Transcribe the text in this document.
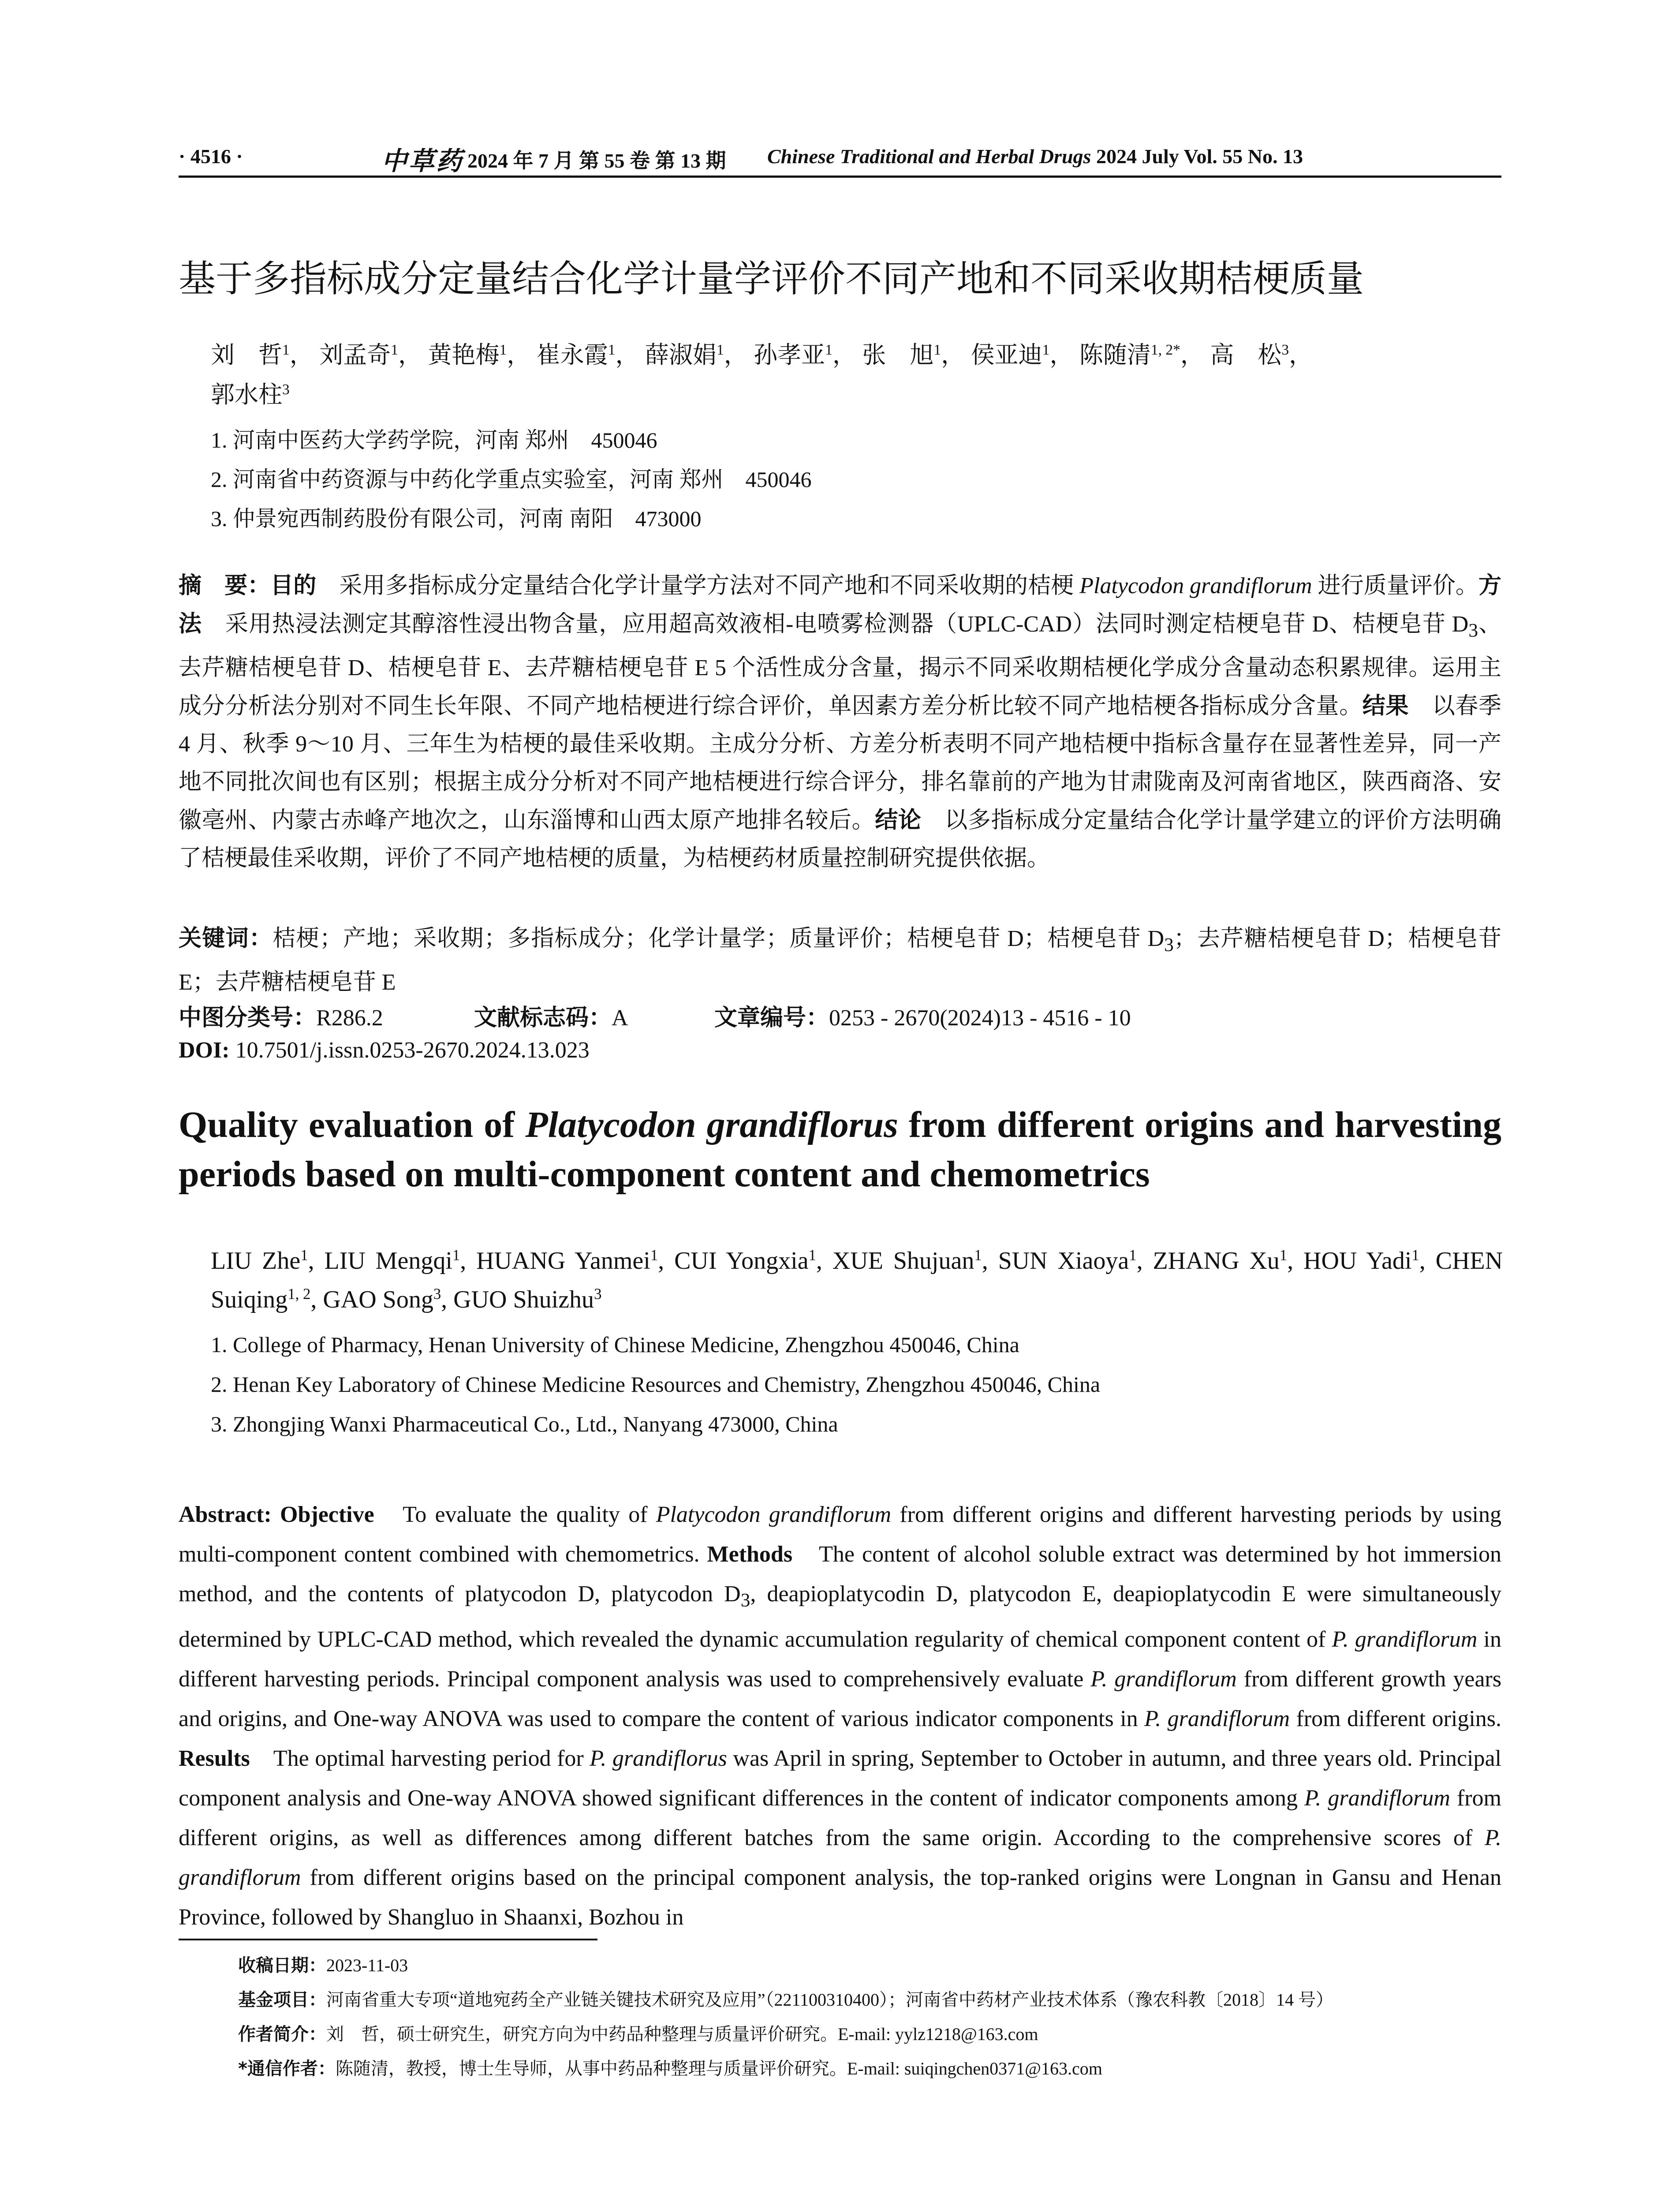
· 4516 ·	中草药 2024 年 7 月 第 55 卷 第 13 期 Chinese Traditional and Herbal Drugs 2024 July Vol. 55 No. 13
基于多指标成分定量结合化学计量学评价不同产地和不同采收期桔梗质量
刘　哲$^1$， 刘孟奇$^1$， 黄艳梅$^1$， 崔永霞$^1$， 薛淑娟$^1$， 孙孝亚$^1$， 张　旭$^1$， 侯亚迪$^1$， 陈随清$^{1, 2*}$， 高　松$^3$，
郭水柱$^3$
1. 河南中医药大学药学院，河南 郑州　450046
2. 河南省中药资源与中药化学重点实验室，河南 郑州　450046
3. 仲景宛西制药股份有限公司，河南 南阳　473000
摘　要：目的　采用多指标成分定量结合化学计量学方法对不同产地和不同采收期的桔梗 Platycodon grandiflorum 进行质量评价。方法　采用热浸法测定其醇溶性浸出物含量，应用超高效液相-电喷雾检测器（UPLC-CAD）法同时测定桔梗皂苷 D、桔梗皂苷 $D_3$、去芹糖桔梗皂苷 D、桔梗皂苷 E、去芹糖桔梗皂苷 E 5 个活性成分含量，揭示不同采收期桔梗化学成分含量动态积累规律。运用主成分分析法分别对不同生长年限、不同产地桔梗进行综合评价，单因素方差分析比较不同产地桔梗各指标成分含量。结果　以春季 4 月、秋季 9～10 月、三年生为桔梗的最佳采收期。主成分分析、方差分析表明不同产地桔梗中指标含量存在显著性差异，同一产地不同批次间也有区别；根据主成分分析对不同产地桔梗进行综合评分，排名靠前的产地为甘肃陇南及河南省地区，陕西商洛、安徽亳州、内蒙古赤峰产地次之，山东淄博和山西太原产地排名较后。结论　以多指标成分定量结合化学计量学建立的评价方法明确了桔梗最佳采收期，评价了不同产地桔梗的质量，为桔梗药材质量控制研究提供依据。
关键词：桔梗；产地；采收期；多指标成分；化学计量学；质量评价；桔梗皂苷 D；桔梗皂苷 $D_3$；去芹糖桔梗皂苷 D；桔梗皂苷 E；去芹糖桔梗皂苷 E
中图分类号：R286.2	文献标志码：A	文章编号：0253 - 2670(2024)13 - 4516 - 10
DOI: 10.7501/j.issn.0253-2670.2024.13.023
Quality evaluation of Platycodon grandiflorus from different origins and harvesting periods based on multi-component content and chemometrics
LIU Zhe$^1$, LIU Mengqi$^1$, HUANG Yanmei$^1$, CUI Yongxia$^1$, XUE Shujuan$^1$, SUN Xiaoya$^1$, ZHANG Xu$^1$, HOU Yadi$^1$, CHEN Suiqing$^{1, 2}$, GAO Song$^3$, GUO Shuizhu$^3$
1. College of Pharmacy, Henan University of Chinese Medicine, Zhengzhou 450046, China
2. Henan Key Laboratory of Chinese Medicine Resources and Chemistry, Zhengzhou 450046, China
3. Zhongjing Wanxi Pharmaceutical Co., Ltd., Nanyang 473000, China
Abstract: Objective　To evaluate the quality of Platycodon grandiflorum from different origins and different harvesting periods by using multi-component content combined with chemometrics. Methods　The content of alcohol soluble extract was determined by hot immersion method, and the contents of platycodon D, platycodon $D_3$, deapioplatycodin D, platycodon E, deapioplatycodin E were simultaneously determined by UPLC-CAD method, which revealed the dynamic accumulation regularity of chemical component content of P. grandiflorum in different harvesting periods. Principal component analysis was used to comprehensively evaluate P. grandiflorum from different growth years and origins, and One-way ANOVA was used to compare the content of various indicator components in P. grandiflorum from different origins. Results　The optimal harvesting period for P. grandiflorus was April in spring, September to October in autumn, and three years old. Principal component analysis and One-way ANOVA showed significant differences in the content of indicator components among P. grandiflorum from different origins, as well as differences among different batches from the same origin. According to the comprehensive scores of P. grandiflorum from different origins based on the principal component analysis, the top-ranked origins were Longnan in Gansu and Henan Province, followed by Shangluo in Shaanxi, Bozhou in
收稿日期：2023-11-03
基金项目：河南省重大专项“道地宛药全产业链关键技术研究及应用”（221100310400）；河南省中药材产业技术体系（豫农科教〔2018〕14 号）
作者简介：刘　哲，硕士研究生，研究方向为中药品种整理与质量评价研究。E-mail: yylz1218@163.com
*通信作者：陈随清，教授，博士生导师，从事中药品种整理与质量评价研究。E-mail: suiqingchen0371@163.com
